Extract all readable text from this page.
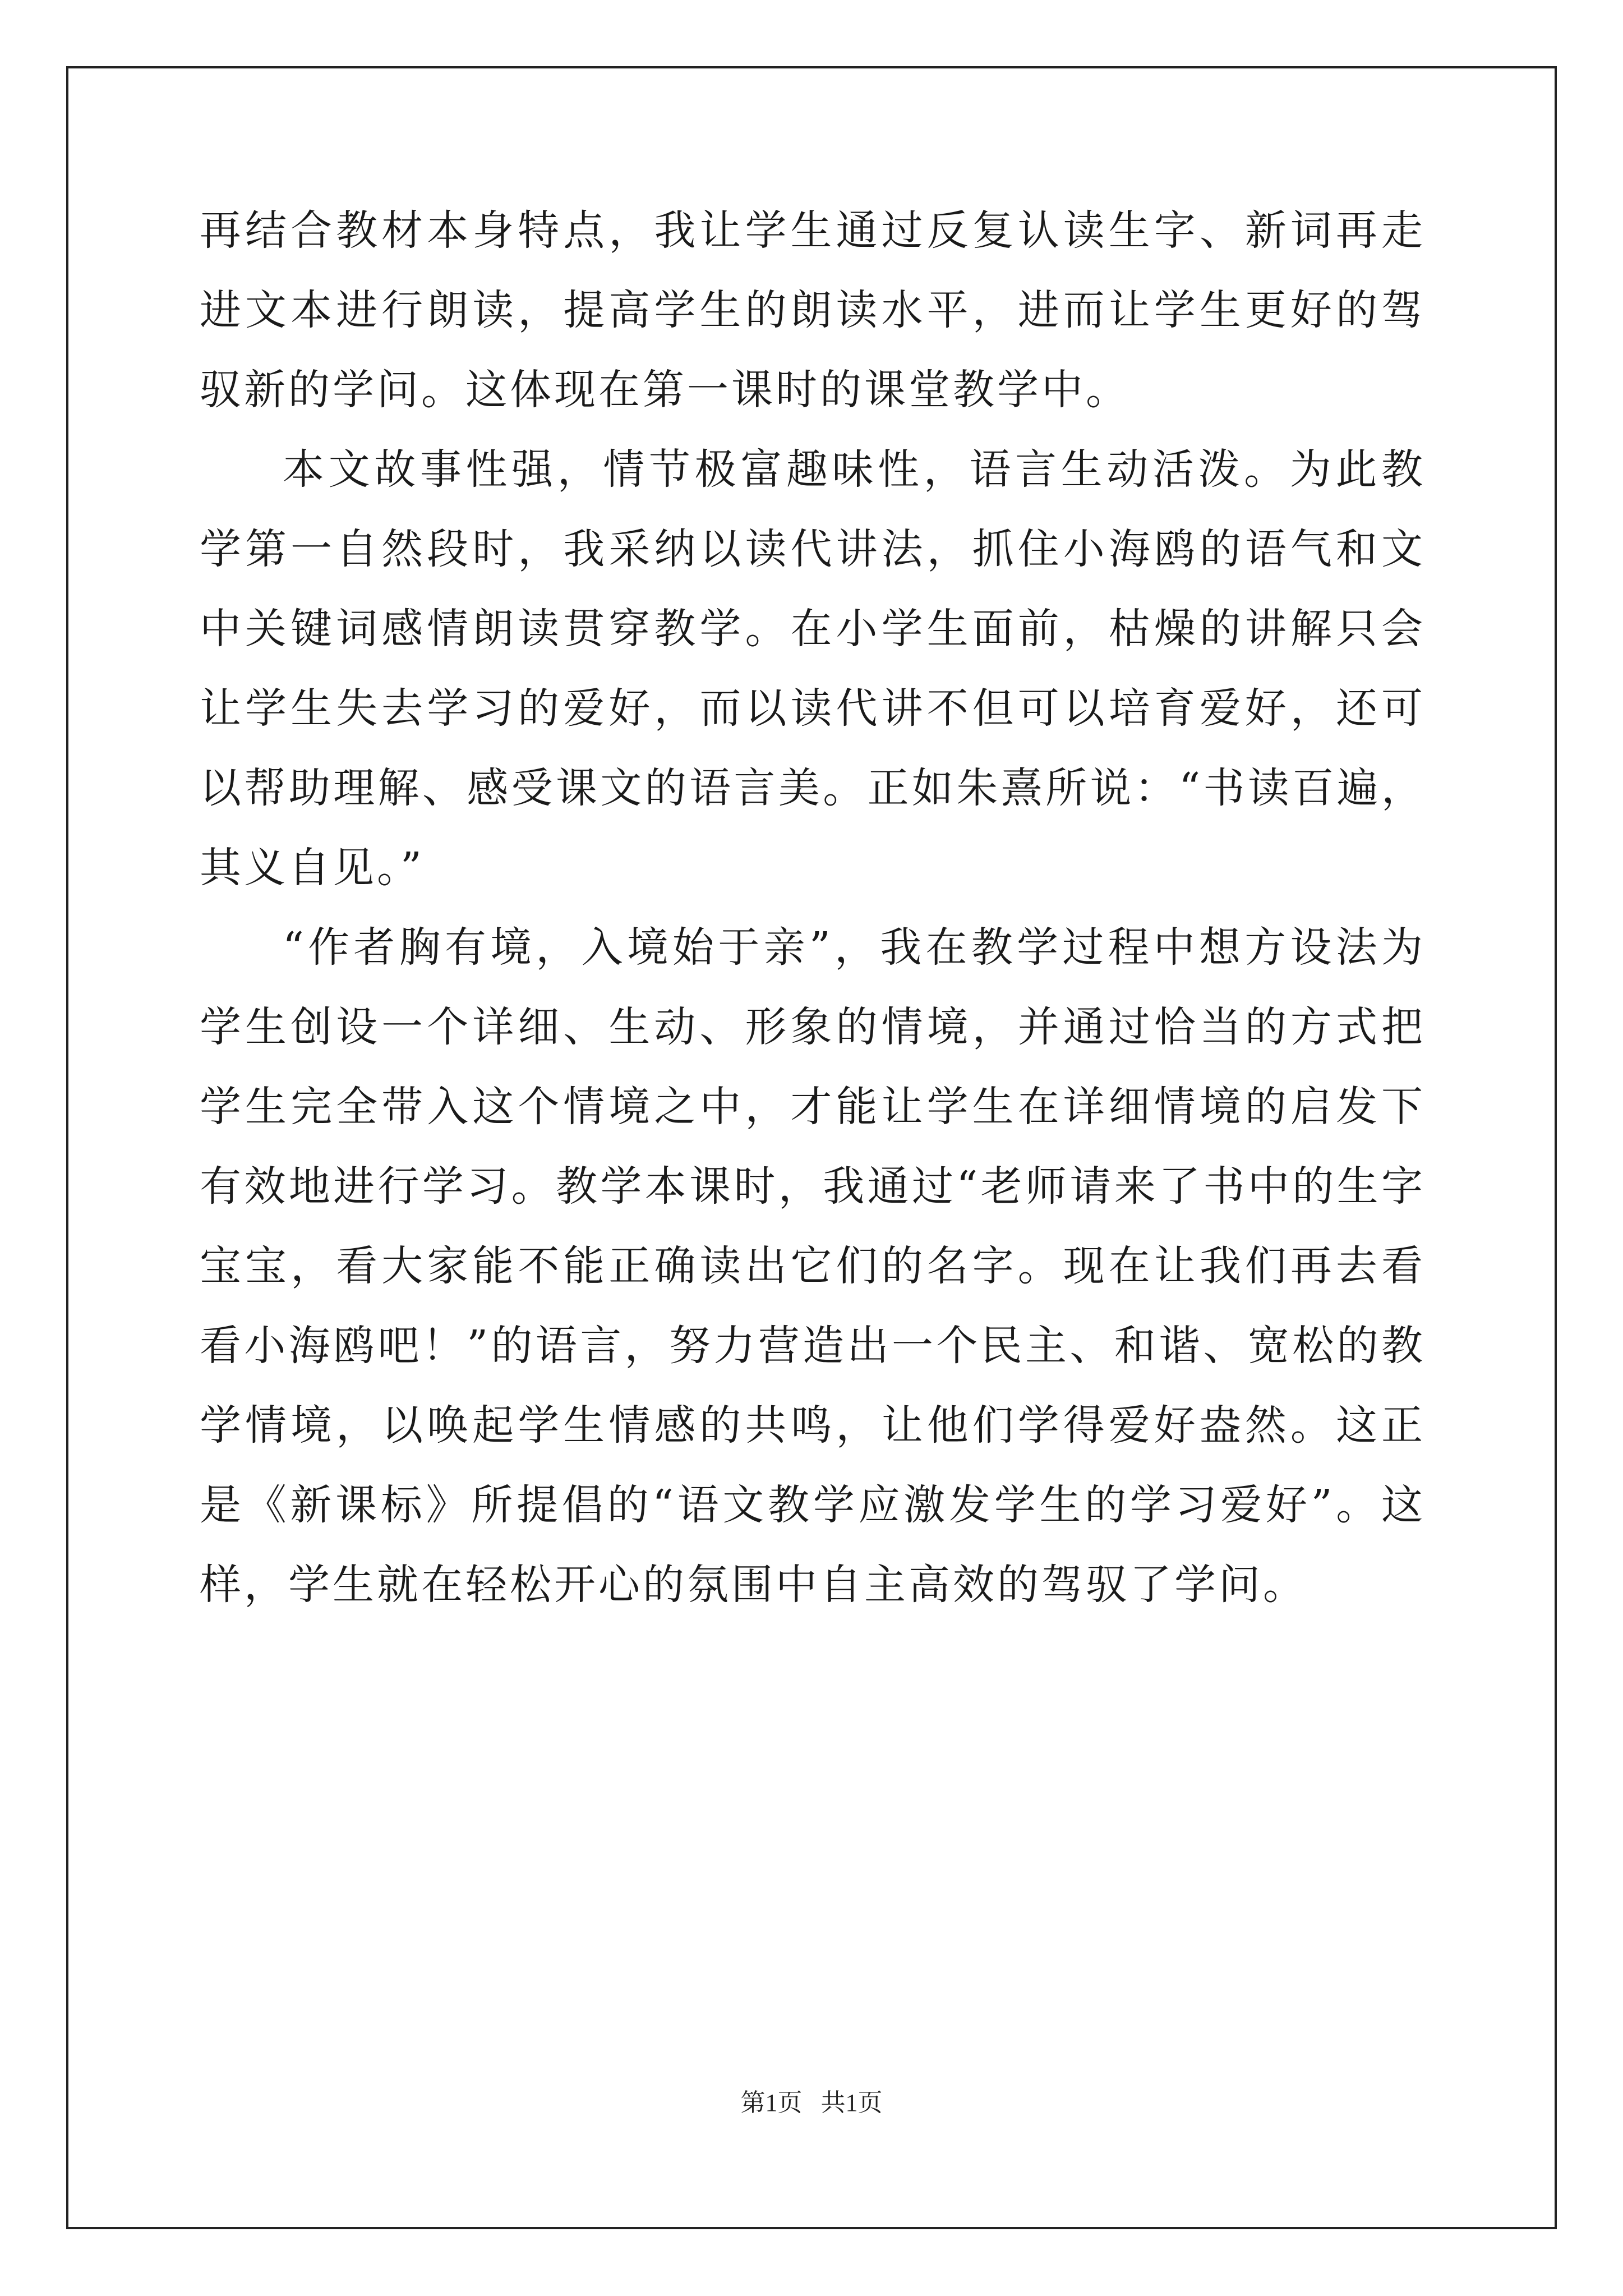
再结合教材本身特点，我让学生通过反复认读生字、新词再走进文本进行朗读，提高学生的朗读水平，进而让学生更好的驾驭新的学问。这体现在第一课时的课堂教学中。

本文故事性强，情节极富趣味性，语言生动活泼。为此教学第一自然段时，我采纳以读代讲法，抓住小海鸥的语气和文中关键词感情朗读贯穿教学。在小学生面前，枯燥的讲解只会让学生失去学习的爱好，而以读代讲不但可以培育爱好，还可以帮助理解、感受课文的语言美。正如朱熹所说：“书读百遍，其义自见。”

“作者胸有境，入境始于亲”，我在教学过程中想方设法为学生创设一个详细、生动、形象的情境，并通过恰当的方式把学生完全带入这个情境之中，才能让学生在详细情境的启发下有效地进行学习。教学本课时，我通过“老师请来了书中的生字宝宝，看大家能不能正确读出它们的名字。现在让我们再去看看小海鸥吧！”的语言，努力营造出一个民主、和谐、宽松的教学情境，以唤起学生情感的共鸣，让他们学得爱好盎然。这正是《新课标》所提倡的“语文教学应激发学生的学习爱好”。这样，学生就在轻松开心的氛围中自主高效的驾驭了学问。

第1页 共1页
